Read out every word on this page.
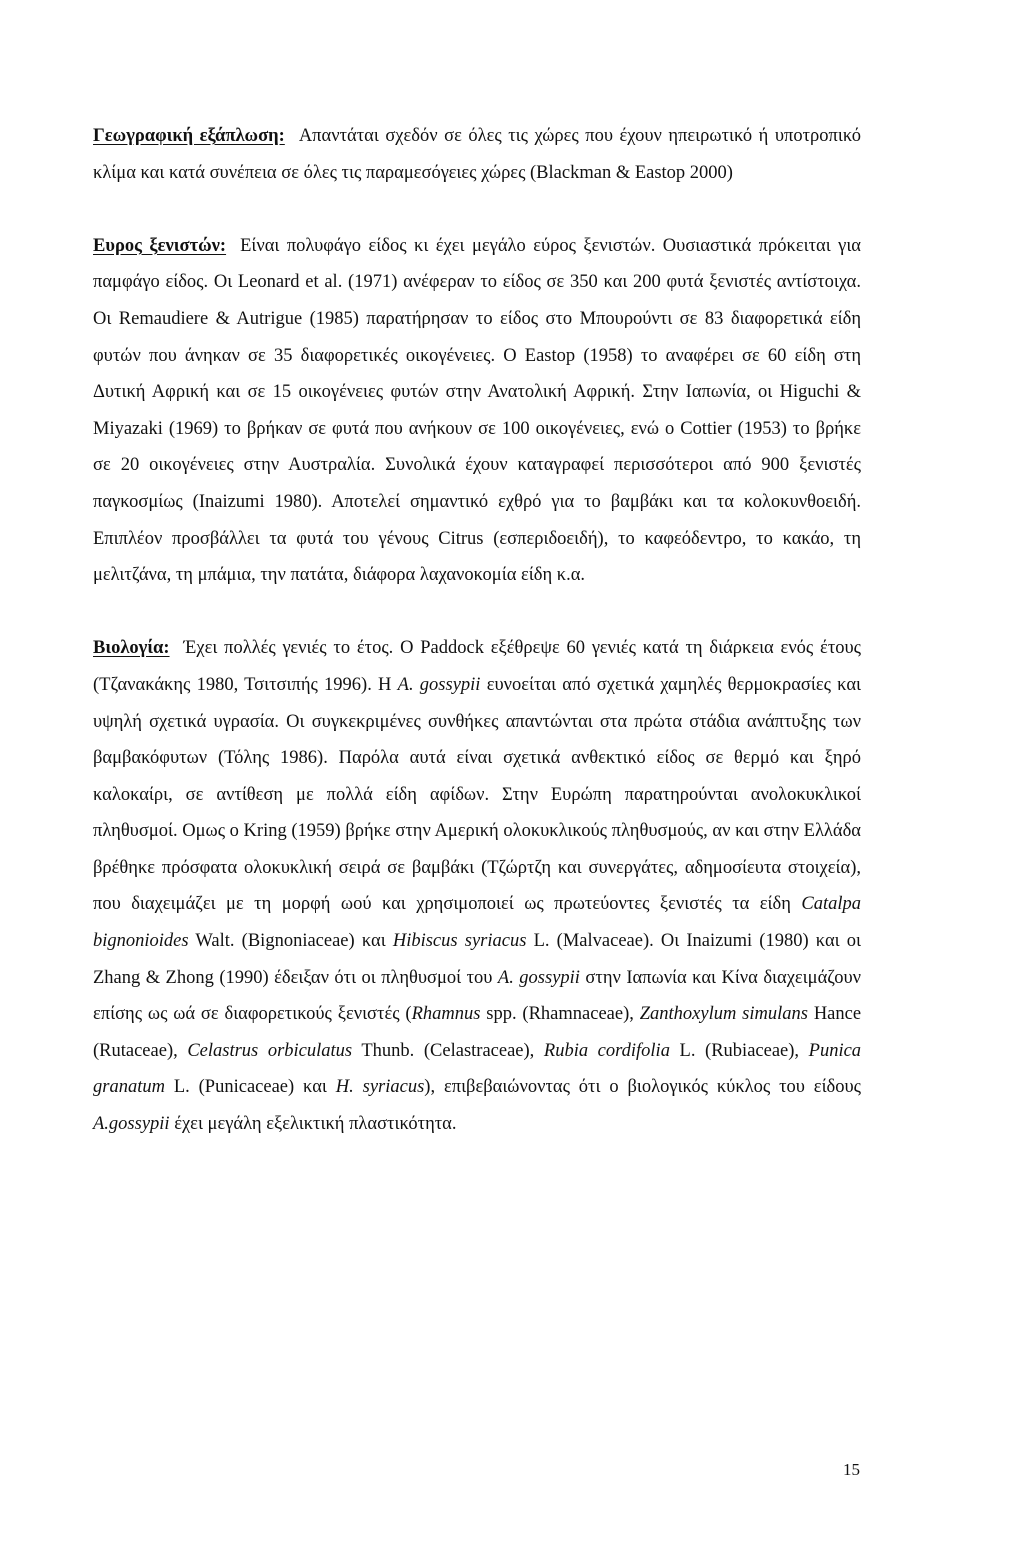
Γεωγραφική εξάπλωση: Απαντάται σχεδόν σε όλες τις χώρες που έχουν ηπειρωτικό ή υποτροπικό κλίμα και κατά συνέπεια σε όλες τις παραμεσόγειες χώρες (Blackman & Eastop 2000)

Ευρος ξενιστών: Είναι πολυφάγο είδος κι έχει μεγάλο εύρος ξενιστών. Ουσιαστικά πρόκειται για παμφάγο είδος. Οι Leonard et al. (1971) ανέφεραν το είδος σε 350 και 200 φυτά ξενιστές αντίστοιχα. Οι Remaudiere & Autrigue (1985) παρατήρησαν το είδος στο Μπουρούντι σε 83 διαφορετικά είδη φυτών που άνηκαν σε 35 διαφορετικές οικογένειες. Ο Eastop (1958) το αναφέρει σε 60 είδη στη Δυτική Αφρική και σε 15 οικογένειες φυτών στην Ανατολική Αφρική. Στην Ιαπωνία, οι Higuchi & Miyazaki (1969) το βρήκαν σε φυτά που ανήκουν σε 100 οικογένειες, ενώ ο Cottier (1953) το βρήκε σε 20 οικογένειες στην Αυστραλία. Συνολικά έχουν καταγραφεί περισσότεροι από 900 ξενιστές παγκοσμίως (Inaizumi 1980). Αποτελεί σημαντικό εχθρό για το βαμβάκι και τα κολοκυνθοειδή. Επιπλέον προσβάλλει τα φυτά του γένους Citrus (εσπεριδοειδή), το καφεόδεντρο, το κακάο, τη μελιτζάνα, τη μπάμια, την πατάτα, διάφορα λαχανοκομία είδη κ.α.

Βιολογία: Έχει πολλές γενιές το έτος. Ο Paddock εξέθρεψε 60 γενιές κατά τη διάρκεια ενός έτους (Τζανακάκης 1980, Τσιτσιπής 1996). Η A. gossypii ευνοείται από σχετικά χαμηλές θερμοκρασίες και υψηλή σχετικά υγρασία. Οι συγκεκριμένες συνθήκες απαντώνται στα πρώτα στάδια ανάπτυξης των βαμβακόφυτων (Τόλης 1986). Παρόλα αυτά είναι σχετικά ανθεκτικό είδος σε θερμό και ξηρό καλοκαίρι, σε αντίθεση με πολλά είδη αφίδων. Στην Ευρώπη παρατηρούνται ανολοκυκλικοί πληθυσμοί. Ομως ο Kring (1959) βρήκε στην Αμερική ολοκυκλικούς πληθυσμούς, αν και στην Ελλάδα βρέθηκε πρόσφατα ολοκυκλική σειρά σε βαμβάκι (Τζώρτζη και συνεργάτες, αδημοσίευτα στοιχεία), που διαχειμάζει με τη μορφή ωού και χρησιμοποιεί ως πρωτεύοντες ξενιστές τα είδη Catalpa bignonioides Walt. (Bignoniaceae) και Hibiscus syriacus L. (Malvaceae). Οι Inaizumi (1980) και οι Zhang & Zhong (1990) έδειξαν ότι οι πληθυσμοί του A. gossypii στην Ιαπωνία και Κίνα διαχειμάζουν επίσης ως ωά σε διαφορετικούς ξενιστές (Rhamnus spp. (Rhamnaceae), Zanthoxylum simulans Hance (Rutaceae), Celastrus orbiculatus Thunb. (Celastraceae), Rubia cordifolia L. (Rubiaceae), Punica granatum L. (Punicaceae) και H. syriacus), επιβεβαιώνοντας ότι ο βιολογικός κύκλος του είδους A.gossypii έχει μεγάλη εξελικτική πλαστικότητα.

15
